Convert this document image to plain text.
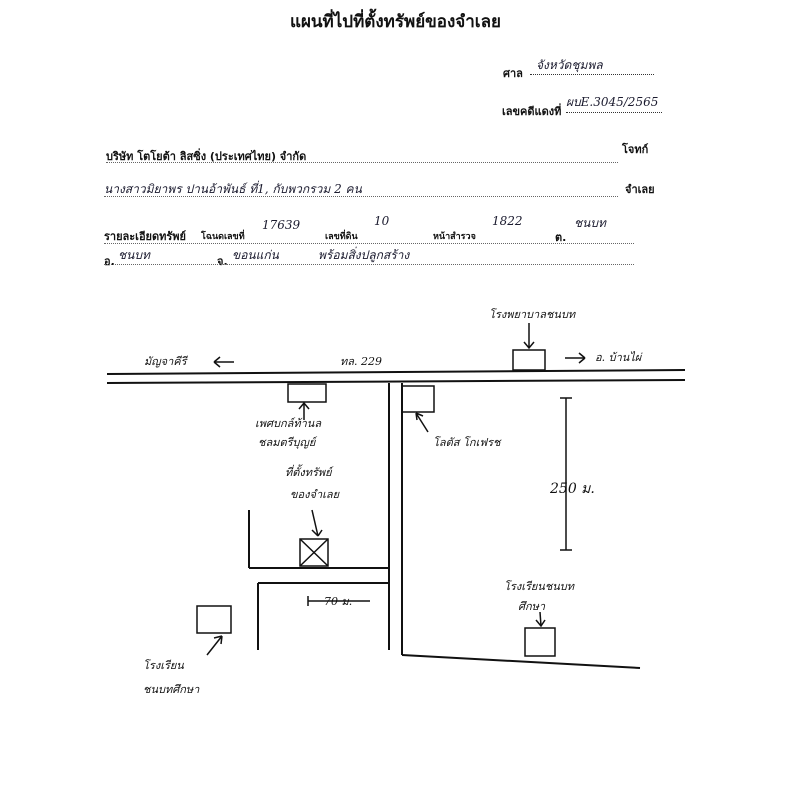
แผนที่ไปที่ตั้งทรัพย์ของจำเลย
ศาล
จังหวัดชุมพล
เลขคดีแดงที่
ผบE.3045/2565
บริษัท โตโยต้า ลิสซิ่ง (ประเทศไทย) จำกัด
โจทก์
นางสาวมิยาพร ปานอ้าพันธ์ ที่1, กับพวกรวม 2 คน	จำเลย
รายละเอียดทรัพย์ โฉนดเลขที่
17639
เลขที่ดิน
10
หน้าสำรวจ
1822
ต.
ชนบท
อ. ชนบท	จ. ขอนแก่น	พร้อมสิ่งปลูกสร้าง
โรงพยาบาลชนบท
มัญจาคีรี	ทล. 229	อ. บ้านไผ่
เพศบกล์ท้านล
ชลมตรีบุญย์	โลตัส โกเฟรช
ที่ตั้งทรัพย์
ของจำเลย	250 ม.
70 ม.
โรงเรียนชนบท
ศึกษา
โรงเรียน
ชนบทศึกษา
